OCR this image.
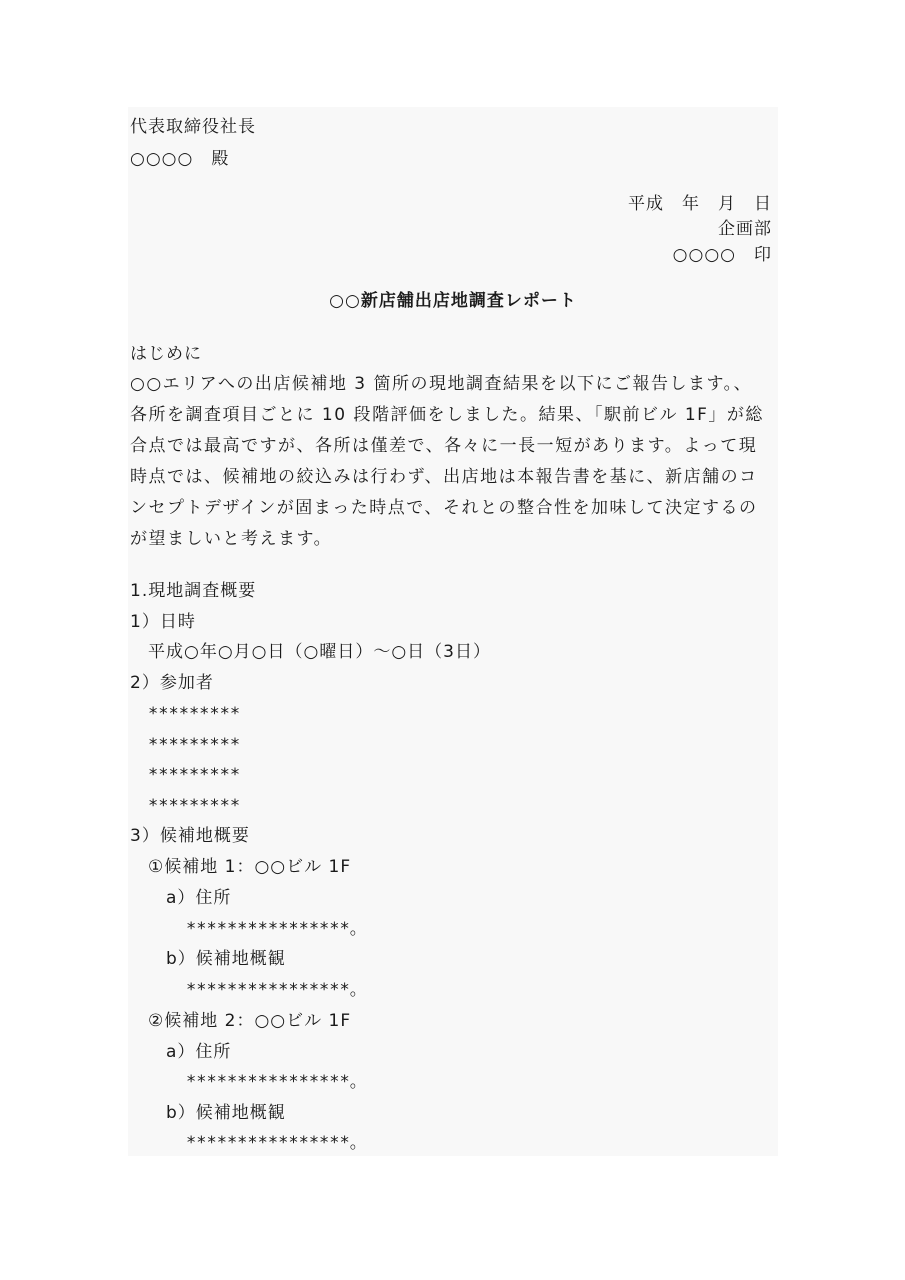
代表取締役社長
○○○○　殿
平成　年　月　日
企画部
○○○○　印
○○新店舗出店地調査レポート
はじめに
○○エリアへの出店候補地 3 箇所の現地調査結果を以下にご報告します。、
各所を調査項目ごとに 10 段階評価をしました。結果、「駅前ビル 1F」が総
合点では最高ですが、各所は僅差で、各々に一長一短があります。よって現
時点では、候補地の絞込みは行わず、出店地は本報告書を基に、新店舗のコ
ンセプトデザインが固まった時点で、それとの整合性を加味して決定するの
が望ましいと考えます。
1.現地調査概要
1）日時
平成○年○月○日（○曜日）～○日（3日）
2）参加者
*********
*********
*********
*********
3）候補地概要
①候補地 1：○○ビル 1F
a）住所
****************。
b）候補地概観
****************。
②候補地 2：○○ビル 1F
a）住所
****************。
b）候補地概観
****************。
